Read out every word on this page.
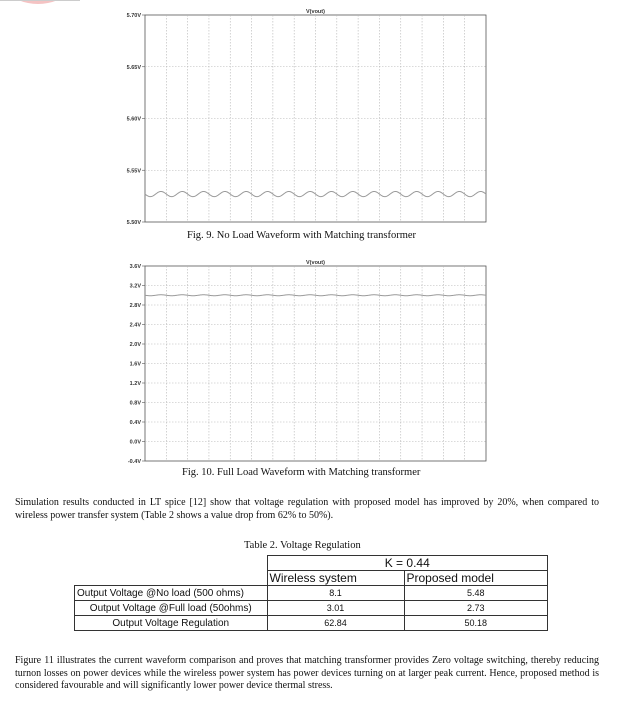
5.70V
5.65V
5.60V
5.55V
5.50V
V(vout)
Fig. 9. No Load Waveform with Matching transformer
3.6V
3.2V
2.8V
2.4V
2.0V
1.6V
1.2V
0.8V
0.4V
0.0V
-0.4V
V(vout)
Fig. 10. Full Load Waveform with Matching transformer
Simulation results conducted in LT spice [12] show that voltage regulation with proposed model has improved by 20%, when compared to wireless power transfer system (Table 2 shows a value drop from 62% to 50%).
Table 2. Voltage Regulation
	K = 0.44	
	Wireless system	Proposed model
Output Voltage @No load (500 ohms)	8.1	5.48
Output Voltage @Full load (50ohms)	3.01	2.73
Output Voltage Regulation	62.84	50.18
Figure 11 illustrates the current waveform comparison and proves that matching transformer provides Zero voltage switching, thereby reducing turnon losses on power devices while the wireless power system has power devices turning on at larger peak current. Hence, proposed method is considered favourable and will significantly lower power device thermal stress.
